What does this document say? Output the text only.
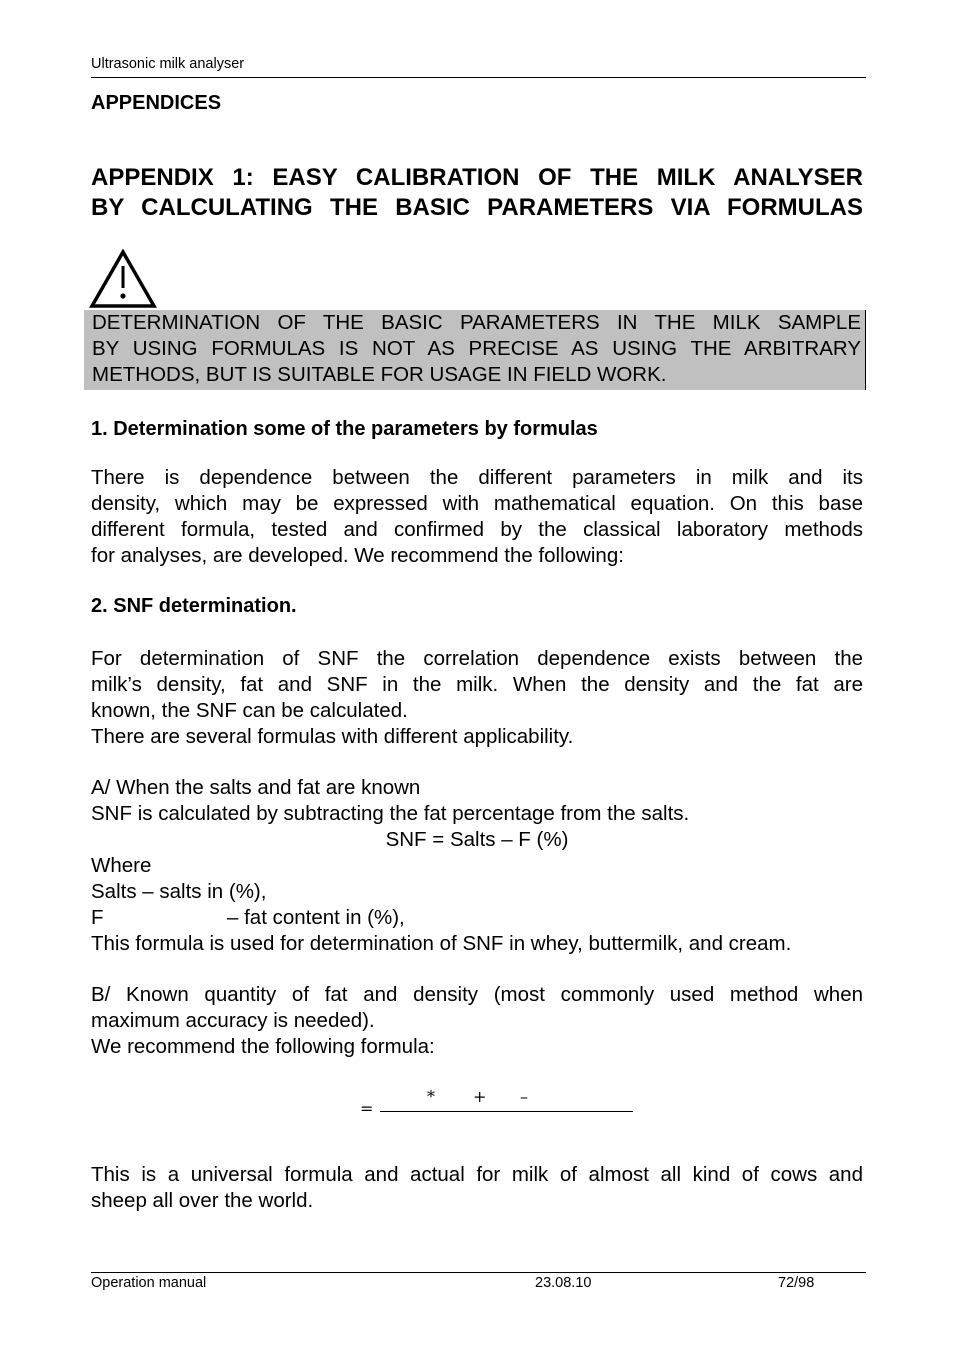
Ultrasonic milk analyser
APPENDICES
APPENDIX 1: EASY CALIBRATION OF THE MILK ANALYSER
BY CALCULATING THE BASIC PARAMETERS VIA FORMULAS
DETERMINATION OF THE BASIC PARAMETERS IN THE MILK SAMPLE
BY USING FORMULAS IS NOT AS PRECISE AS USING THE ARBITRARY
METHODS, BUT IS SUITABLE FOR USAGE IN FIELD WORK.
1. Determination some of the parameters by formulas
There is dependence between the different parameters in milk and its
density, which may be expressed with mathematical equation. On this base
different formula, tested and confirmed by the classical laboratory methods
for analyses, are developed. We recommend the following:
2. SNF determination.
For determination of SNF the correlation dependence exists between the
milk’s density, fat and SNF in the milk. When the density and the fat are
known, the SNF can be calculated.
There are several formulas with different applicability.
A/ When the salts and fat are known
SNF is calculated by subtracting the fat percentage from the salts.
SNF = Salts – F (%)
Where
Salts – salts in (%),
F	– fat content in (%),
This formula is used for determination of SNF in whey, buttermilk, and cream.
B/ Known quantity of fat and density (most commonly used method when
maximum accuracy is needed).
We recommend the following formula:
=
* + –
This is a universal formula and actual for milk of almost all kind of cows and
sheep all over the world.
Operation manual	23.08.10	72/98
